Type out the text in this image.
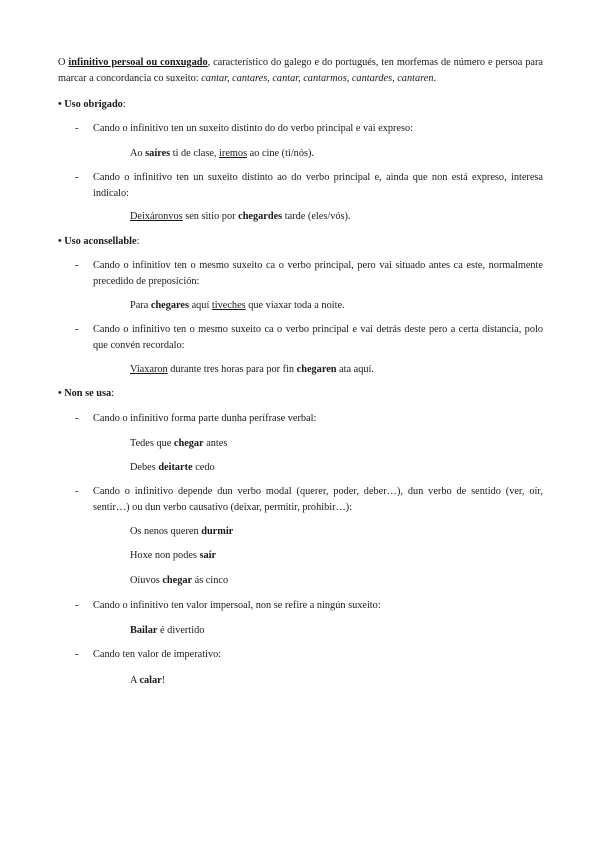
O infinitivo persoal ou conxugado, característico do galego e do portugués, ten morfemas de número e persoa para marcar a concordancia co suxeito: cantar, cantares, cantar, cantarmos, cantardes, cantaren.

• Uso obrigado:

- Cando o infinitivo ten un suxeito distinto do do verbo principal e vai expreso:

Ao saíres ti de clase, iremos ao cine (ti/nós).

- Cando o infinitivo ten un suxeito distinto ao do verbo principal e, ainda que non está expreso, interesa indicalo:

Deixáronvos sen sitio por chegardes tarde (eles/vós).

• Uso aconsellable:

- Cando o infinitiov ten o mesmo suxeito ca o verbo principal, pero vai situado antes ca este, normalmente precedido de preposición:

Para chegares aquí tiveches que viaxar toda a noite.

- Cando o infinitivo ten o mesmo suxeito ca o verbo principal e vai detrás deste pero a certa distancia, polo que convén recordalo:

Viaxaron durante tres horas para por fin chegaren ata aquí.

• Non se usa:

- Cando o infinitivo forma parte dunha perífrase verbal:

Tedes que chegar antes

Debes deitarte cedo

- Cando o infinitivo depende dun verbo modal (querer, poder, deber…), dun verbo de sentido (ver, oír, sentir…) ou dun verbo causativo (deixar, permitir, prohibir…):

Os nenos queren durmir

Hoxe non podes saír

Oíuvos chegar ás cinco

- Cando o infinitivo ten valor impersoal, non se refire a ningún suxeito:

Bailar é divertido

- Cando ten valor de imperativo:

A calar!
